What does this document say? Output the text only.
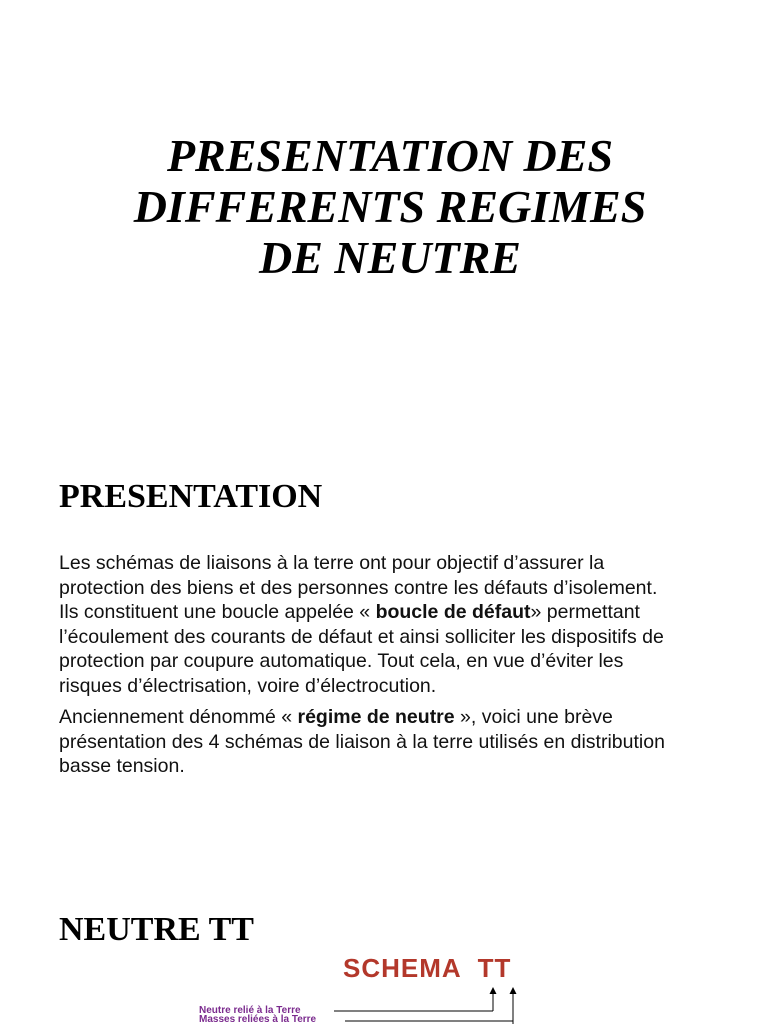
PRESENTATION DES
DIFFERENTS REGIMES
DE NEUTRE
PRESENTATION
Les schémas de liaisons à la terre ont pour objectif d’assurer la
protection des biens et des personnes contre les défauts d’isolement.
Ils constituent une boucle appelée « boucle de défaut» permettant
l’écoulement des courants de défaut et ainsi solliciter les dispositifs de
protection par coupure automatique. Tout cela, en vue d’éviter les
risques d’électrisation, voire d’électrocution.
Anciennement dénommé « régime de neutre », voici une brève
présentation des 4 schémas de liaison à la terre utilisés en distribution
basse tension.
NEUTRE TT
SCHEMA TT
Neutre relié à la Terre
Masses reliées à la Terre
